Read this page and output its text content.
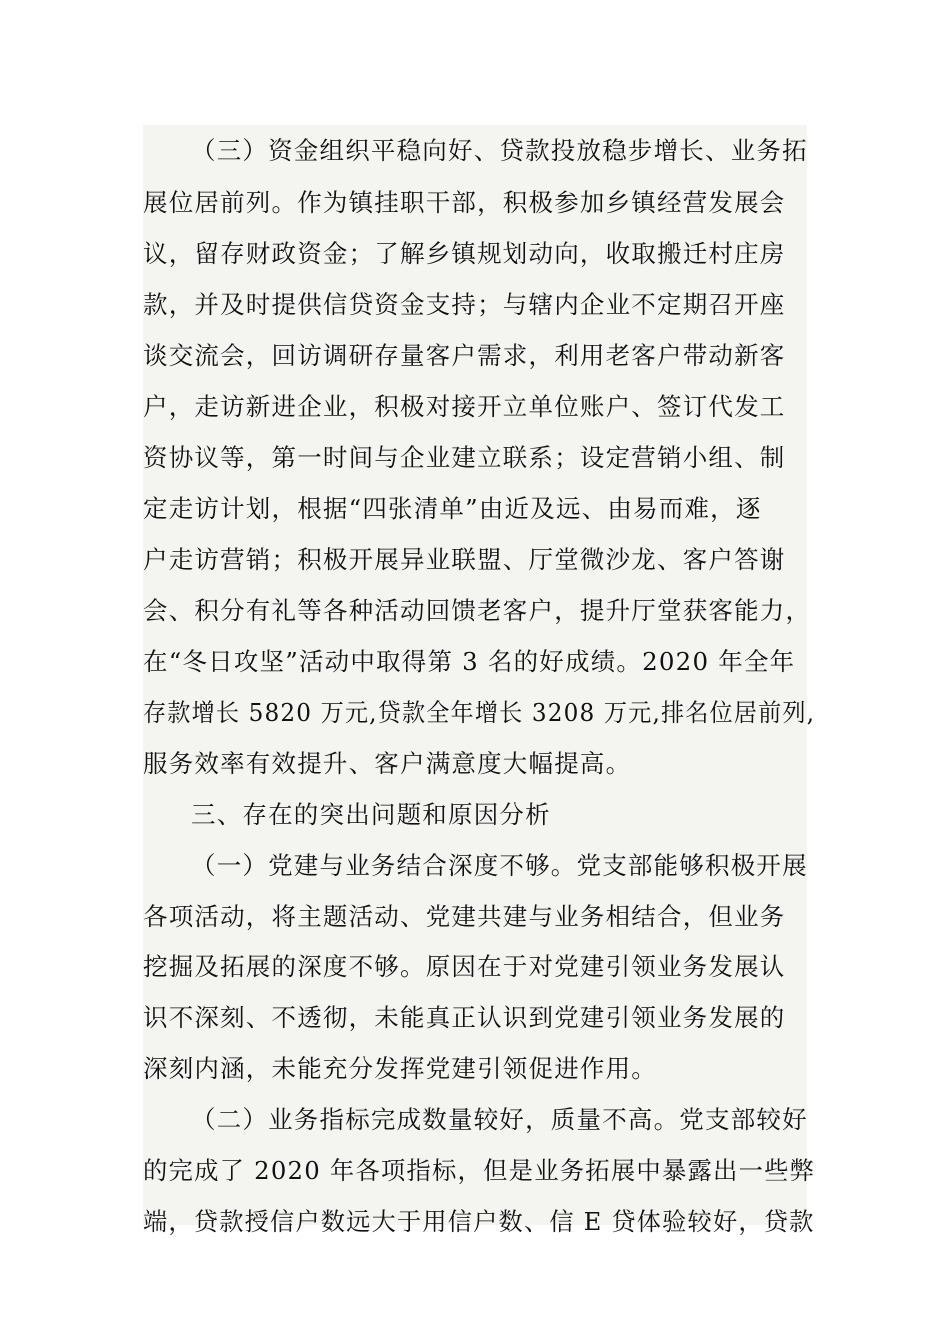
（三）资金组织平稳向好、贷款投放稳步增长、业务拓
展位居前列。作为镇挂职干部，积极参加乡镇经营发展会
议，留存财政资金；了解乡镇规划动向，收取搬迁村庄房
款，并及时提供信贷资金支持；与辖内企业不定期召开座
谈交流会，回访调研存量客户需求，利用老客户带动新客
户，走访新进企业，积极对接开立单位账户、签订代发工
资协议等，第一时间与企业建立联系；设定营销小组、制
定走访计划，根据“四张清单”由近及远、由易而难，逐
户走访营销；积极开展异业联盟、厅堂微沙龙、客户答谢
会、积分有礼等各种活动回馈老客户，提升厅堂获客能力，
在“冬日攻坚”活动中取得第 3 名的好成绩。2020 年全年
存款增长 5820 万元,贷款全年增长 3208 万元,排名位居前列,
服务效率有效提升、客户满意度大幅提高。
三、存在的突出问题和原因分析
（一）党建与业务结合深度不够。党支部能够积极开展
各项活动，将主题活动、党建共建与业务相结合，但业务
挖掘及拓展的深度不够。原因在于对党建引领业务发展认
识不深刻、不透彻，未能真正认识到党建引领业务发展的
深刻内涵，未能充分发挥党建引领促进作用。
（二）业务指标完成数量较好，质量不高。党支部较好
的完成了 2020 年各项指标，但是业务拓展中暴露出一些弊
端，贷款授信户数远大于用信户数、信 E 贷体验较好，贷款
